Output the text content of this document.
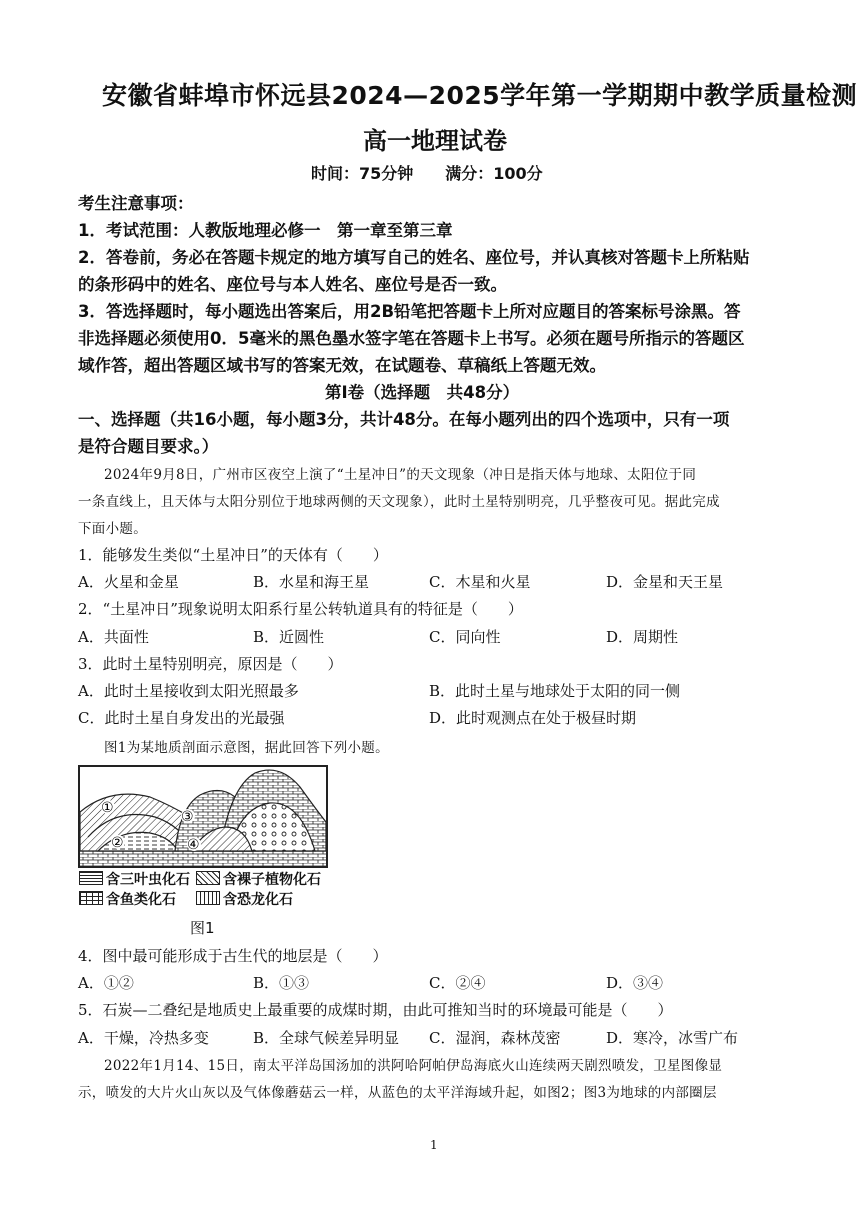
安徽省蚌埠市怀远县2024—2025学年第一学期期中教学质量检测
高一地理试卷
时间：75分钟　　满分：100分
考生注意事项：
1．考试范围：人教版地理必修一　第一章至第三章
2．答卷前，务必在答题卡规定的地方填写自己的姓名、座位号，并认真核对答题卡上所粘贴
的条形码中的姓名、座位号与本人姓名、座位号是否一致。
3．答选择题时，每小题选出答案后，用2B铅笔把答题卡上所对应题目的答案标号涂黑。答
非选择题必须使用0．5毫米的黑色墨水签字笔在答题卡上书写。必须在题号所指示的答题区
域作答，超出答题区域书写的答案无效，在试题卷、草稿纸上答题无效。
第Ⅰ卷（选择题　共48分）
一、选择题（共16小题，每小题3分，共计48分。在每小题列出的四个选项中，只有一项
是符合题目要求。）
2024年9月8日，广州市区夜空上演了“土星冲日”的天文现象（冲日是指天体与地球、太阳位于同
一条直线上，且天体与太阳分别位于地球两侧的天文现象），此时土星特别明亮，几乎整夜可见。据此完成
下面小题。
1．能够发生类似“土星冲日”的天体有（　　）
A．火星和金星	B．水星和海王星	C．木星和火星	D．金星和天王星
2．“土星冲日”现象说明太阳系行星公转轨道具有的特征是（　　）
A．共面性	B．近圆性	C．同向性	D．周期性
3．此时土星特别明亮，原因是（　　）
A．此时土星接收到太阳光照最多	B．此时土星与地球处于太阳的同一侧
C．此时土星自身发出的光最强	D．此时观测点在处于极昼时期
图1为某地质剖面示意图，据此回答下列小题。
①
②
③
④
含三叶虫化石	含裸子植物化石
含鱼类化石	含恐龙化石
图1
4．图中最可能形成于古生代的地层是（　　）
A．①②	B．①③	C．②④	D．③④
5．石炭—二叠纪是地质史上最重要的成煤时期，由此可推知当时的环境最可能是（　　）
A．干燥，冷热多变	B．全球气候差异明显 C．湿润，森林茂密	D．寒冷，冰雪广布
2022年1月14、15日，南太平洋岛国汤加的洪阿哈阿帕伊岛海底火山连续两天剧烈喷发，卫星图像显
示，喷发的大片火山灰以及气体像蘑菇云一样，从蓝色的太平洋海域升起，如图2；图3为地球的内部圈层
1
